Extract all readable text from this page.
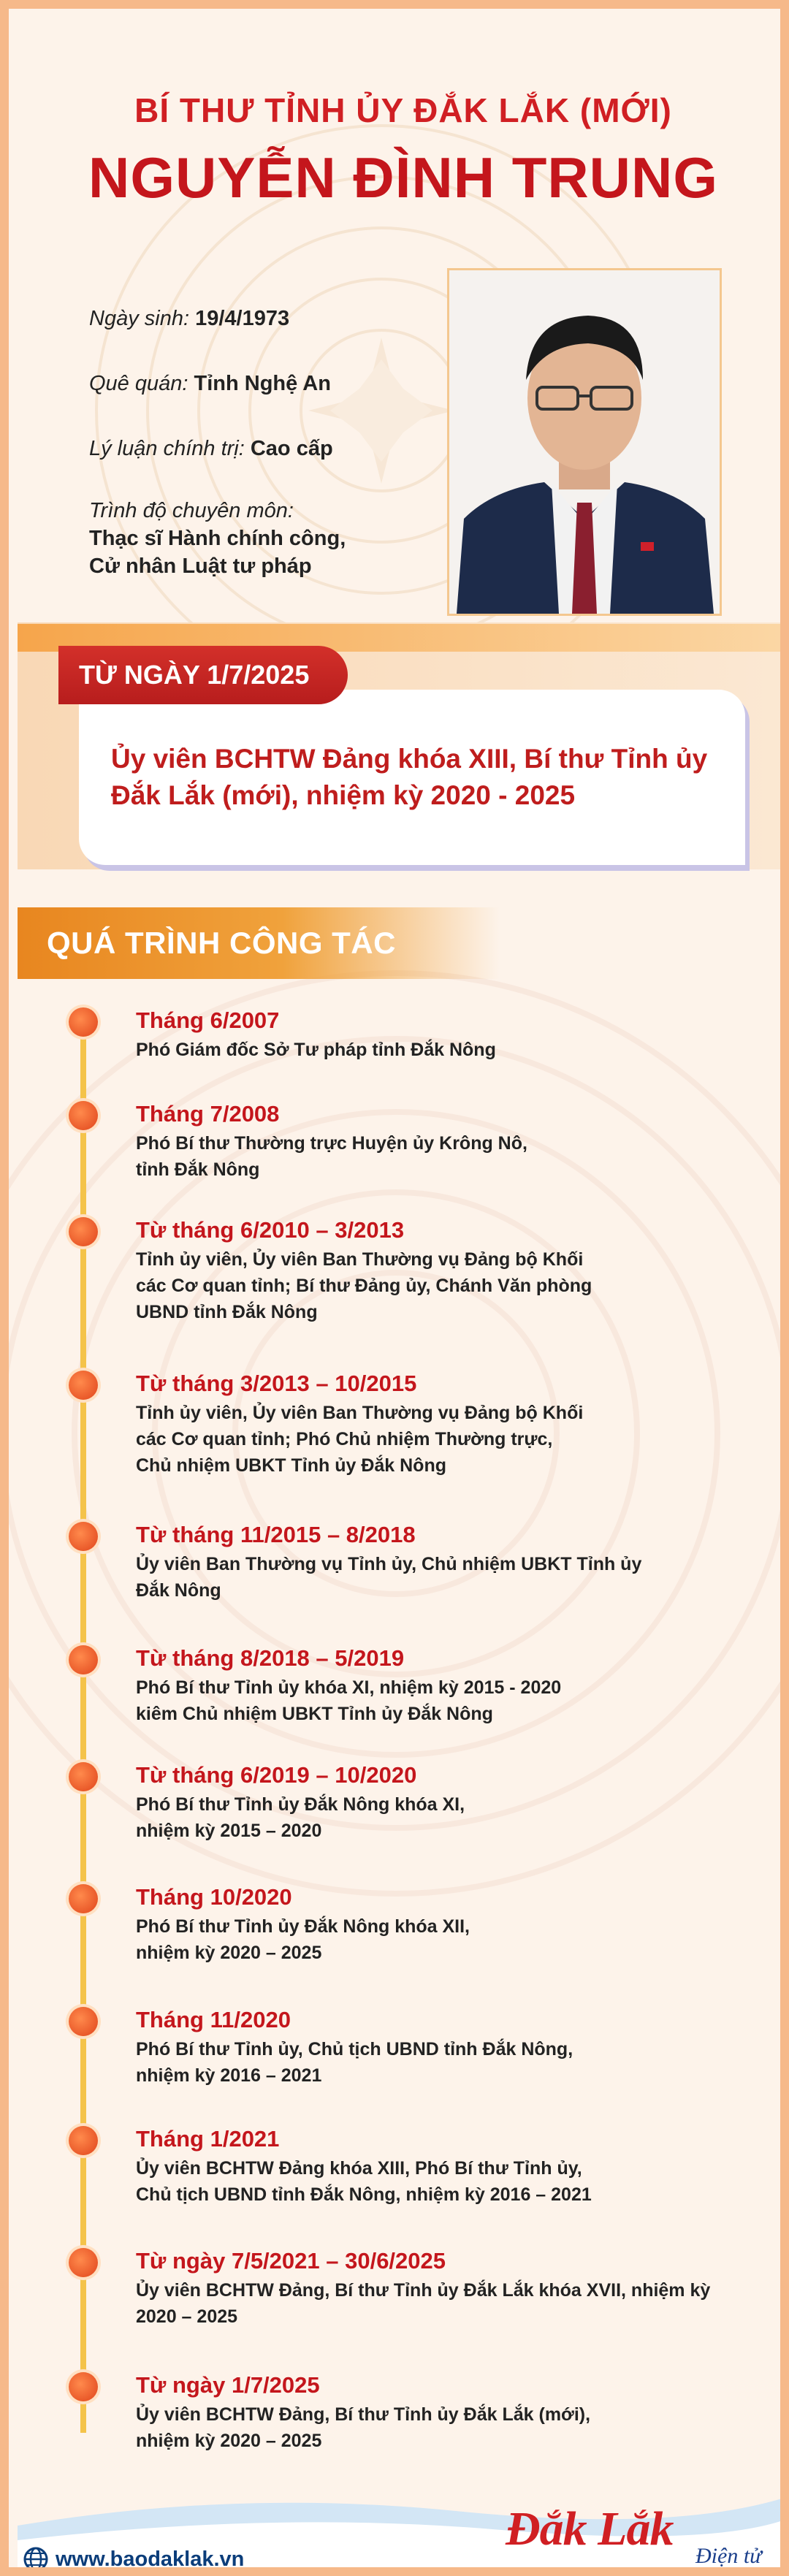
BÍ THƯ TỈNH ỦY ĐẮK LẮK (MỚI)
NGUYỄN ĐÌNH TRUNG
Ngày sinh: 19/4/1973
Quê quán: Tỉnh Nghệ An
Lý luận chính trị: Cao cấp
Trình độ chuyên môn:
Thạc sĩ Hành chính công,
Cử nhân Luật tư pháp
Ủy viên BCHTW Đảng khóa XIII, Bí thư Tỉnh ủy
Đắk Lắk (mới), nhiệm kỳ 2020 - 2025
TỪ NGÀY 1/7/2025
QUÁ TRÌNH CÔNG TÁC
Tháng 6/2007
Phó Giám đốc Sở Tư pháp tỉnh Đắk Nông
Tháng 7/2008
Phó Bí thư Thường trực Huyện ủy Krông Nô,
tỉnh Đắk Nông
Từ tháng 6/2010 – 3/2013
Tỉnh ủy viên, Ủy viên Ban Thường vụ Đảng bộ Khối
các Cơ quan tỉnh; Bí thư Đảng ủy, Chánh Văn phòng
UBND tỉnh Đắk Nông
Từ tháng 3/2013 – 10/2015
Tỉnh ủy viên, Ủy viên Ban Thường vụ Đảng bộ Khối
các Cơ quan tỉnh; Phó Chủ nhiệm Thường trực,
Chủ nhiệm UBKT Tỉnh ủy Đắk Nông
Từ tháng 11/2015 – 8/2018
Ủy viên Ban Thường vụ Tỉnh ủy, Chủ nhiệm UBKT Tỉnh ủy
Đắk Nông
Từ tháng 8/2018 – 5/2019
Phó Bí thư Tỉnh ủy khóa XI, nhiệm kỳ 2015 - 2020
kiêm Chủ nhiệm UBKT Tỉnh ủy Đắk Nông
Từ tháng 6/2019 – 10/2020
Phó Bí thư Tỉnh ủy Đắk Nông khóa XI,
nhiệm kỳ 2015 – 2020
Tháng 10/2020
Phó Bí thư Tỉnh ủy Đắk Nông khóa XII,
nhiệm kỳ 2020 – 2025
Tháng 11/2020
Phó Bí thư Tỉnh ủy, Chủ tịch UBND tỉnh Đắk Nông,
nhiệm kỳ 2016 – 2021
Tháng 1/2021
Ủy viên BCHTW Đảng khóa XIII, Phó Bí thư Tỉnh ủy,
Chủ tịch UBND tỉnh Đắk Nông, nhiệm kỳ 2016 – 2021
Từ ngày 7/5/2021 – 30/6/2025
Ủy viên BCHTW Đảng, Bí thư Tỉnh ủy Đắk Lắk khóa XVII, nhiệm kỳ
2020 – 2025
Từ ngày 1/7/2025
Ủy viên BCHTW Đảng, Bí thư Tỉnh ủy Đắk Lắk (mới),
nhiệm kỳ 2020 – 2025
www.baodaklak.vn
Đắk Lắk
Điện tử
